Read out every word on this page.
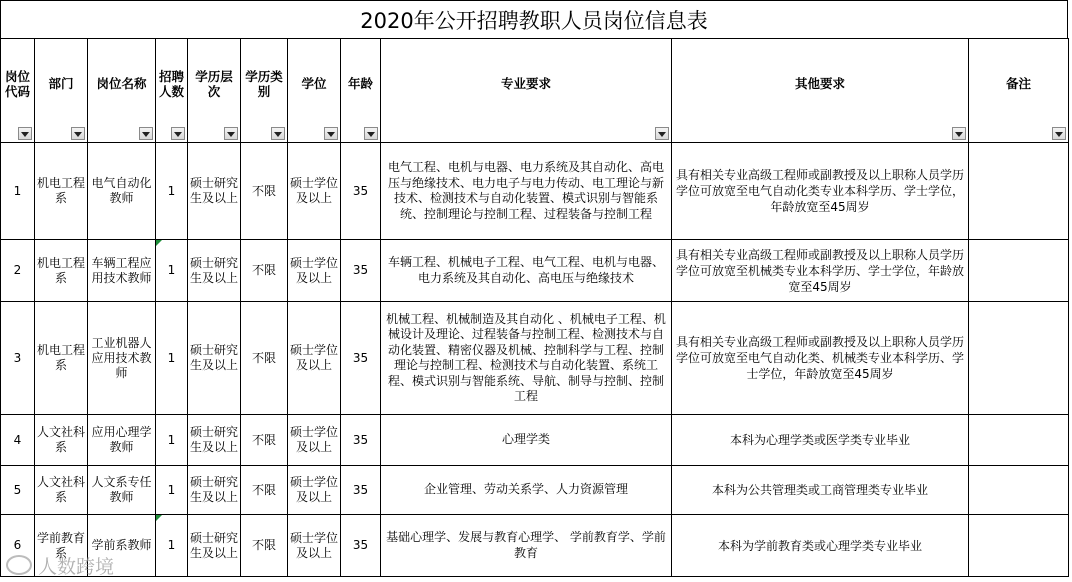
2020年公开招聘教职人员岗位信息表
岗位代码	部门	岗位名称	招聘人数	学历层次	学历类别	学位	年龄	专业要求	其他要求	备注

1	机电工程系	电气自动化教师	1	硕士研究生及以上	不限	硕士学位及以上	35	电气工程、电机与电器、电力系统及其自动化、高电压与绝缘技术、电力电子与电力传动、电工理论与新技术、检测技术与自动化装置、模式识别与智能系统、控制理论与控制工程、过程装备与控制工程	具有相关专业高级工程师或副教授及以上职称人员学历学位可放宽至电气自动化类专业本科学历、学士学位，年龄放宽至45周岁	
2	机电工程系	车辆工程应用技术教师	1	硕士研究生及以上	不限	硕士学位及以上	35	车辆工程、机械电子工程、电气工程、电机与电器、电力系统及其自动化、高电压与绝缘技术	具有相关专业高级工程师或副教授及以上职称人员学历学位可放宽至机械类专业本科学历、学士学位，年龄放宽至45周岁	
3	机电工程系	工业机器人应用技术教师	1	硕士研究生及以上	不限	硕士学位及以上	35	机械工程、机械制造及其自动化 、机械电子工程、机械设计及理论、过程装备与控制工程、检测技术与自动化装置、精密仪器及机械、控制科学与工程、控制理论与控制工程、检测技术与自动化装置、系统工程、模式识别与智能系统、导航、制导与控制、控制工程	具有相关专业高级工程师或副教授及以上职称人员学历学位可放宽至电气自动化类、机械类专业本科学历、学士学位，年龄放宽至45周岁	
4	人文社科系	应用心理学教师	1	硕士研究生及以上	不限	硕士学位及以上	35	心理学类	本科为心理学类或医学类专业毕业	
5	人文社科系	人文系专任教师	1	硕士研究生及以上	不限	硕士学位及以上	35	企业管理、劳动关系学、人力资源管理	本科为公共管理类或工商管理类专业毕业	
6	学前教育系	学前系教师	1	硕士研究生及以上	不限	硕士学位及以上	35	基础心理学、发展与教育心理学、 学前教育学、学前教育	本科为学前教育类或心理学类专业毕业	
人数跨境
